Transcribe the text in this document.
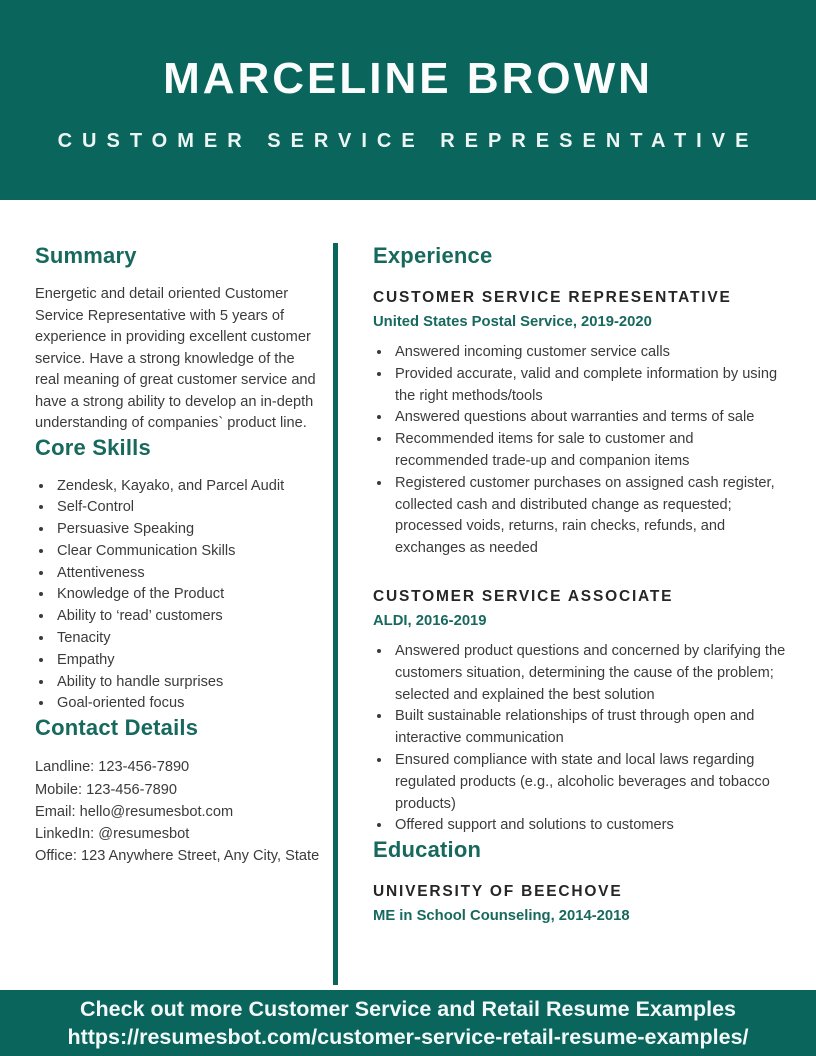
MARCELINE BROWN
CUSTOMER SERVICE REPRESENTATIVE
Summary

Energetic and detail oriented Customer Service Representative with 5 years of experience in providing excellent customer service. Have a strong knowledge of the real meaning of great customer service and have a strong ability to develop an in-depth understanding of companies` product line.

Core Skills
• Zendesk, Kayako, and Parcel Audit
• Self-Control
• Persuasive Speaking
• Clear Communication Skills
• Attentiveness
• Knowledge of the Product
• Ability to ‘read’ customers
• Tenacity
• Empathy
• Ability to handle surprises
• Goal-oriented focus
Contact Details
Landline: 123-456-7890
Mobile: 123-456-7890
Email: hello@resumesbot.com
LinkedIn: @resumesbot
Office: 123 Anywhere Street, Any City, State
Experience
CUSTOMER SERVICE REPRESENTATIVE
United States Postal Service, 2019-2020
• Answered incoming customer service calls
• Provided accurate, valid and complete information by using the right methods/tools
• Answered questions about warranties and terms of sale
• Recommended items for sale to customer and recommended trade-up and companion items
• Registered customer purchases on assigned cash register, collected cash and distributed change as requested; processed voids, returns, rain checks, refunds, and exchanges as needed
CUSTOMER SERVICE ASSOCIATE
ALDI, 2016-2019
• Answered product questions and concerned by clarifying the customers situation, determining the cause of the problem; selected and explained the best solution
• Built sustainable relationships of trust through open and interactive communication
• Ensured compliance with state and local laws regarding regulated products (e.g., alcoholic beverages and tobacco products)
• Offered support and solutions to customers
Education
UNIVERSITY OF BEECHOVE
ME in School Counseling, 2014-2018
Check out more Customer Service and Retail Resume Examples
https://resumesbot.com/customer-service-retail-resume-examples/
